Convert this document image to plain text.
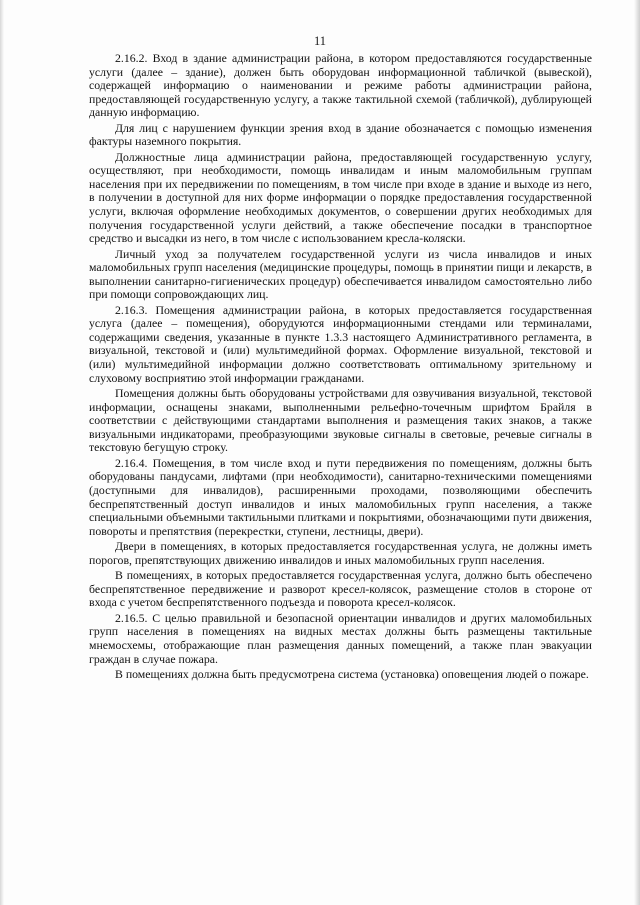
11

2.16.2. Вход в здание администрации района, в котором предоставляются государственные услуги (далее – здание), должен быть оборудован информационной табличкой (вывеской), содержащей информацию о наименовании и режиме работы администрации района, предоставляющей государственную услугу, а также тактильной схемой (табличкой), дублирующей данную информацию.

Для лиц с нарушением функции зрения вход в здание обозначается с помощью изменения фактуры наземного покрытия.

Должностные лица администрации района, предоставляющей государственную услугу, осуществляют, при необходимости, помощь инвалидам и иным маломобильным группам населения при их передвижении по помещениям, в том числе при входе в здание и выходе из него, в получении в доступной для них форме информации о порядке предоставления государственной услуги, включая оформление необходимых документов, о совершении других необходимых для получения государственной услуги действий, а также обеспечение посадки в транспортное средство и высадки из него, в том числе с использованием кресла-коляски.

Личный уход за получателем государственной услуги из числа инвалидов и иных маломобильных групп населения (медицинские процедуры, помощь в принятии пищи и лекарств, в выполнении санитарно-гигиенических процедур) обеспечивается инвалидом самостоятельно либо при помощи сопровождающих лиц.

2.16.3. Помещения администрации района, в которых предоставляется государственная услуга (далее – помещения), оборудуются информационными стендами или терминалами, содержащими сведения, указанные в пункте 1.3.3 настоящего Административного регламента, в визуальной, текстовой и (или) мультимедийной формах. Оформление визуальной, текстовой и (или) мультимедийной информации должно соответствовать оптимальному зрительному и слуховому восприятию этой информации гражданами.

Помещения должны быть оборудованы устройствами для озвучивания визуальной, текстовой информации, оснащены знаками, выполненными рельефно-точечным шрифтом Брайля в соответствии с действующими стандартами выполнения и размещения таких знаков, а также визуальными индикаторами, преобразующими звуковые сигналы в световые, речевые сигналы в текстовую бегущую строку.

2.16.4. Помещения, в том числе вход и пути передвижения по помещениям, должны быть оборудованы пандусами, лифтами (при необходимости), санитарно-техническими помещениями (доступными для инвалидов), расширенными проходами, позволяющими обеспечить беспрепятственный доступ инвалидов и иных маломобильных групп населения, а также специальными объемными тактильными плитками и покрытиями, обозначающими пути движения, повороты и препятствия (перекрестки, ступени, лестницы, двери).

Двери в помещениях, в которых предоставляется государственная услуга, не должны иметь порогов, препятствующих движению инвалидов и иных маломобильных групп населения.

В помещениях, в которых предоставляется государственная услуга, должно быть обеспечено беспрепятственное передвижение и разворот кресел-колясок, размещение столов в стороне от входа с учетом беспрепятственного подъезда и поворота кресел-колясок.

2.16.5. С целью правильной и безопасной ориентации инвалидов и других маломобильных групп населения в помещениях на видных местах должны быть размещены тактильные мнемосхемы, отображающие план размещения данных помещений, а также план эвакуации граждан в случае пожара.

В помещениях должна быть предусмотрена система (установка) оповещения людей о пожаре.
